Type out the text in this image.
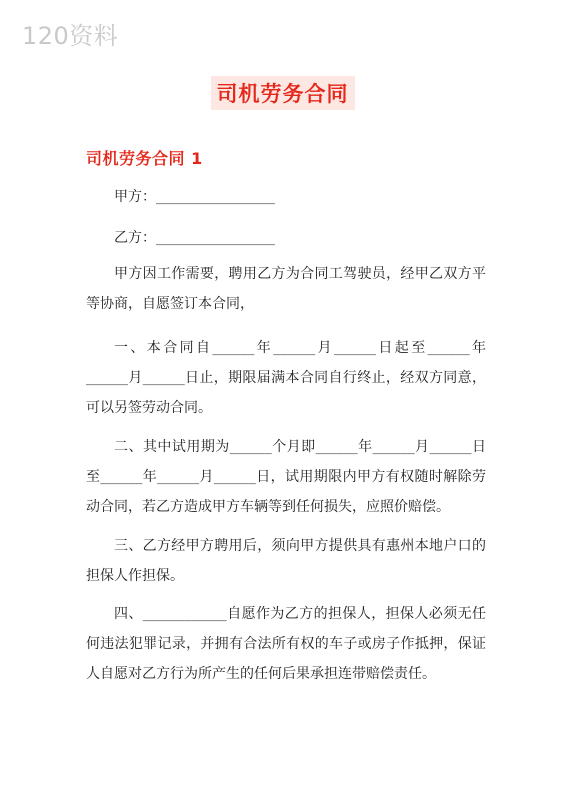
120资料
司机劳务合同
司机劳务合同 1
甲方：_________________
乙方：_________________

甲方因工作需要，聘用乙方为合同工驾驶员，经甲乙双方平等协商，自愿签订本合同，

一、本合同自______年______月______日起至______年______月______日止，期限届满本合同自行终止，经双方同意，可以另签劳动合同。

二、其中试用期为______个月即______年______月______日至______年______月______日，试用期限内甲方有权随时解除劳动合同，若乙方造成甲方车辆等到任何损失，应照价赔偿。

三、乙方经甲方聘用后，须向甲方提供具有惠州本地户口的担保人作担保。

四、____________自愿作为乙方的担保人，担保人必须无任何违法犯罪记录，并拥有合法所有权的车子或房子作抵押，保证人自愿对乙方行为所产生的任何后果承担连带赔偿责任。
